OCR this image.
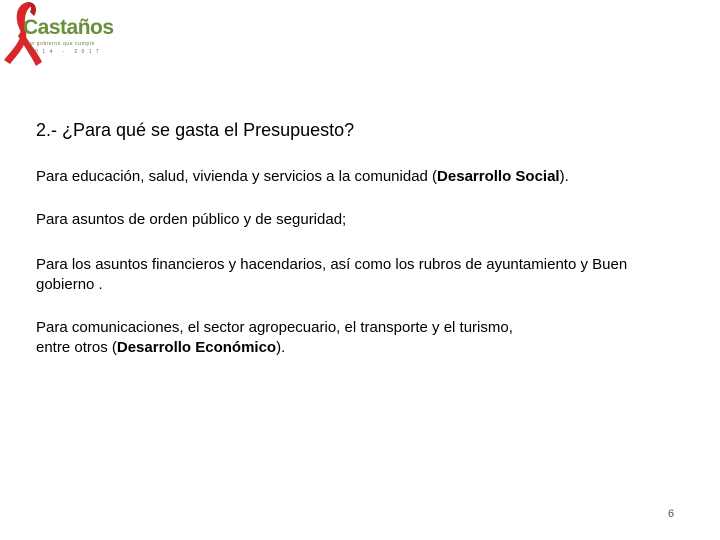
Castaños
un gobierno que cumple
2014 - 2017
2.- ¿Para qué se gasta el Presupuesto?
Para educación, salud, vivienda y servicios a la comunidad (Desarrollo Social).
Para asuntos de orden público y de seguridad;
Para los asuntos financieros y hacendarios, así como los rubros de ayuntamiento y Buen gobierno .
Para comunicaciones, el sector agropecuario, el transporte y el turismo, entre otros (Desarrollo Económico).
6
